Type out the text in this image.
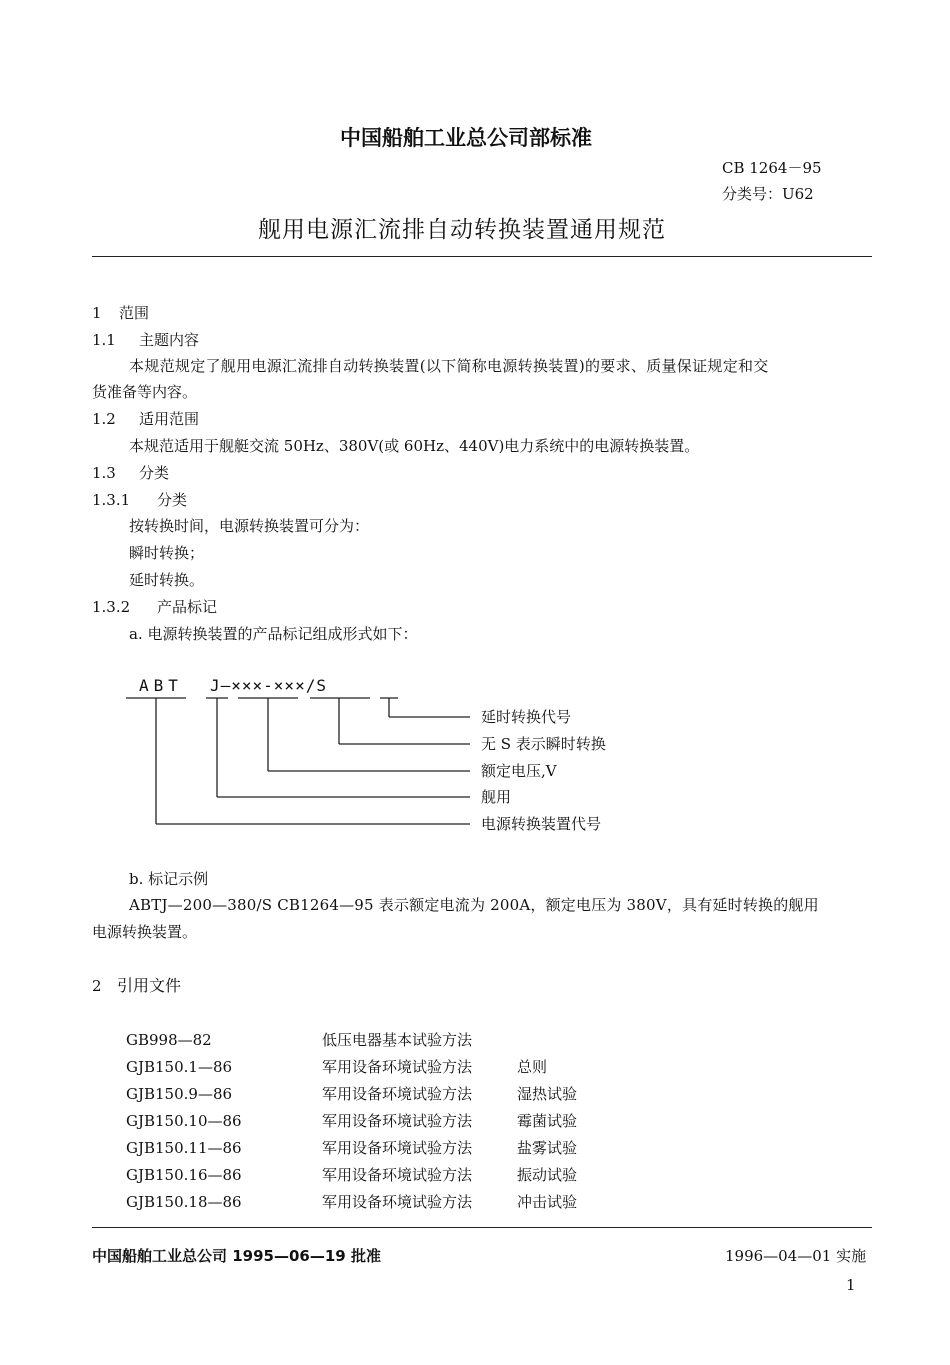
中国船舶工业总公司部标准
CB 1264－95
分类号：U62
舰用电源汇流排自动转换装置通用规范
1 范围
1.1 主题内容
本规范规定了舰用电源汇流排自动转换装置(以下简称电源转换装置)的要求、质量保证规定和交
货准备等内容。
1.2 适用范围
本规范适用于舰艇交流 50Hz、380V(或 60Hz、440V)电力系统中的电源转换装置。
1.3 分类
1.3.1 分类
按转换时间，电源转换装置可分为：
瞬时转换；
延时转换。
1.3.2 产品标记
a. 电源转换装置的产品标记组成形式如下：
ABT J—×××-×××/S
延时转换代号
无 S 表示瞬时转换
额定电压,V
舰用
电源转换装置代号
b. 标记示例
ABTJ—200—380/S CB1264—95 表示额定电流为 200A，额定电压为 380V，具有延时转换的舰用
电源转换装置。
2 引用文件
GB998—82	低压电器基本试验方法
GJB150.1—86	军用设备环境试验方法	总则
GJB150.9—86	军用设备环境试验方法	湿热试验
GJB150.10—86	军用设备环境试验方法	霉菌试验
GJB150.11—86	军用设备环境试验方法	盐雾试验
GJB150.16—86	军用设备环境试验方法	振动试验
GJB150.18—86	军用设备环境试验方法	冲击试验
中国船舶工业总公司 1995—06—19 批准	1996—04—01 实施
1
